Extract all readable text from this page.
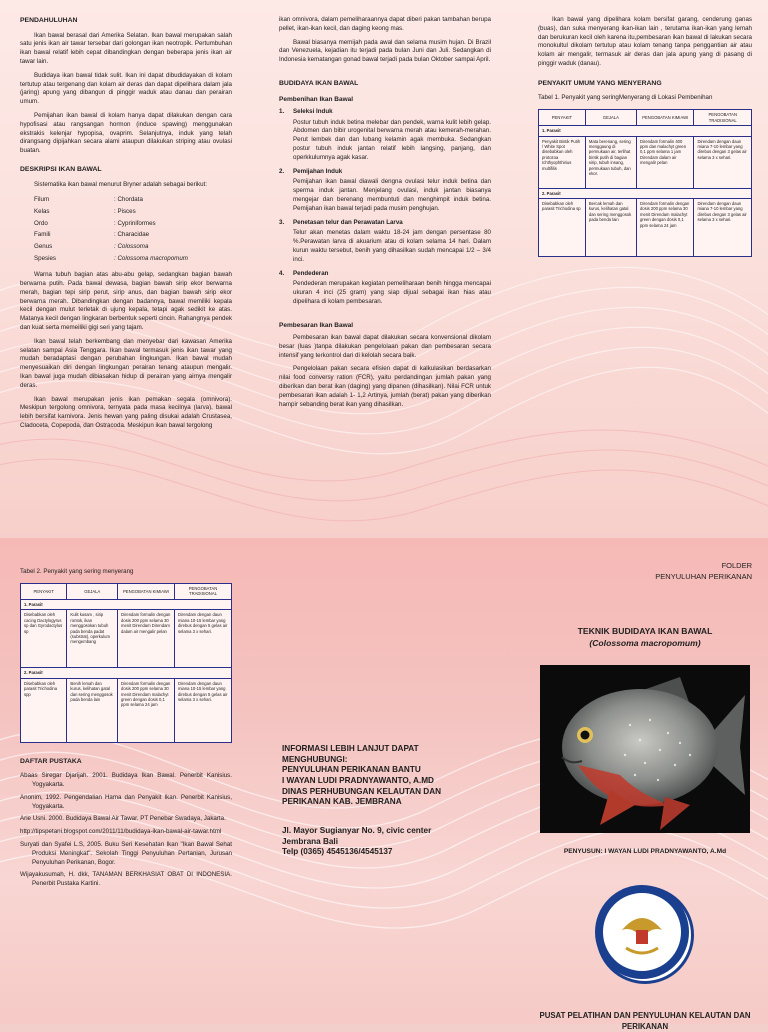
PENDAHULUHAN

Ikan bawal berasal dari Amerika Selatan. Ikan bawal merupakan salah satu jenis ikan air tawar tersebar dari golongan ikan neotropik. Pertumbuhan ikan bawal relatif lebih cepat dibandingkan dengan beberapa jenis ikan air tawar lain.

Budidaya ikan bawal tidak sulit. Ikan ini dapat dibudidayakan di kolam tertutup atau tergenang dan kolam air deras dan dapat dipelihara dalam jala (jaring) apung yang dibangun di pinggir waduk atau danau dan perairan umum.

Pemijahan ikan bawal di kolam hanya dapat dilakukan dengan cara hypofisasi atau rangsangan hormon (induce spawing) menggunakan ekstrakis kelenjar hypopisa, ovaprim. Selanjutnya, induk yang telah dirangsang dipijahkan secara alami ataupun dilakukan striping atau ovulasi buatan.

DESKRIPSI IKAN BAWAL

Sistematika ikan bawal menurut Bryner adalah sebagai berikut:

Filum	: Chordata
Kelas	: Pisces
Ordo	: Cypriniformes
Famili	: Characidae
Genus	: Colossoma
Spesies	: Colossoma macropomum

Warna tubuh bagian atas abu-abu gelap, sedangkan bagian bawah berwarna putih. Pada bawal dewasa, bagian bawah sirip ekor berwarna merah, bagian tepi sirip perut, sirip anus, dan bagian bawah sirip ekor berwarna merah. Dibandingkan dengan badannya, bawal memiliki kepala kecil dengan mulut terletak di ujung kepala, tetapi agak sedikit ke atas. Matanya kecil dengan lingkaran berbentuk seperti cincin. Rahangnya pendek dan kuat serta memeiliki gigi seri yang tajam.

Ikan bawal telah berkembang dan menyebar dari kawasan Amerika selatan sampai Asia Tenggara. Ikan bawal termasuk jenis ikan tawar yang mudah beradaptasi dengan perubahan lingkungan. Ikan bawal mudah menyesuaikan diri dengan lingkungan perairan tenang ataupun mengalir. Ikan bawal juga mudah dibiasakan hidup di perairan yang airnya mengalir deras.

Ikan bawal merupakan jenis ikan pemakan segala (omnivora). Meskipun tergolong omnivora, ternyata pada masa kecilnya (larva), bawal lebih bersifat karnivora. Jenis hewan yang paling disukai adalah Crustasea, Cladoceta, Copepoda, dan Ostracoda. Meskipun ikan bawal tergolong

ikan omnivora, dalam pemeliharaannya dapat diberi pakan tambahan berupa pellet, ikan-ikan kecil, dan daging keong mas.

Bawal biasanya memijah pada awal dan selama musim hujan. Di Brazil dan Venezuela, kejadian itu terjadi pada bulan Juni dan Juli. Sedangkan di Indonesia kematangan gonad bawal terjadi pada bulan Oktober sampai April.

BUDIDAYA IKAN BAWAL
Pembenihan Ikan Bawal
1. Seleksi Induk
Postur tubuh induk betina melebar dan pendek, warna kulit lebih gelap. Abdomen dan bibir urogenital berwarna merah atau kemerah-merahan. Perut lembek dan dan lubang kelamin agak membuka. Sedangkan postur tubuh induk jantan relatif lebih langsing, panjang, dan operkkulumnya agak kasar.
2. Pemijahan Induk
Pemijahan ikan bawal diawali dengna ovulasi telur induk betina dan sperma induk jantan. Menjelang ovulasi, induk jantan biasanya mengejar dan berenang membuntuti dan menghimpit induk betina. Pemijahan ikan bawal terjadi pada musim penghujan.
3. Penetasan telur dan Perawatan Larva
Telur akan menetas dalam waktu 18-24 jam dengan persentase 80 %.Perawatan larva di akuarium atau di kolam selama 14 hari. Dalam kurun waktu tersebut, benih yang dihasilkan sudah mencapai 1/2 – 3/4 inci.
4. Pendederan
Pendederan merupakan kegiatan pemeliharaan benih hingga mencapai ukuran 4 inci (25 gram) yang siap dijual sebagai ikan hias atau dipelihara di kolam pembesaran.
Pembesaran Ikan Bawal

Pembesaran ikan bawal dapat dilakukan secara konvensional dikolam besar (luas )tanpa dilakukan pengelolaan pakan dan pembesaran secara intensif yang terkontrol dari di kelolah secara baik.

Pengelolaan pakan secara efisien dapat di kalkulasikan berdasarkan nilai food conversy ration (FCR), yaitu perdandingan jumlah pakan yang diberikan dan berat ikan (daging) yang dipanen (dihasilkan). Nilai FCR untuk pembesaran ikan adalah 1- 1,2 Artinya, jumlah (berat) pakan yang diberikan hampir sebanding berat ikan yang dihasilkan.

Ikan bawal yang dipelihara kolam bersifat garang, cenderung ganas (buas), dan suka menyerang ikan-ikan lain , terutama ikan-ikan yang lemah dan berukuran kecil oleh karena itu,pembesaran ikan bawal di lakukan secara monokultul dikolam tertutup atau kolam tenang tanpa penggantian air atau kolam air mengalir, termasuk air deras dan jala apung yang di pasang di pinggir waduk (danau).

PENYAKIT UMUM YANG MENYERANG
Tabel 1. Penyakit yang seringMenyerang di Lokasi Pembenihan
PENYAKIT	GEJALA	PENGOBATAN KIMIAWI	PENGOBATAN TRADISIONAL
1. Parasit			
Penyakit Bintik Putih / White Spot disebabkan oleh protozoa Ichthyophthirius multifilis	Mata berenang, sering menggaung di permukaan air, terlihat bintik putih di bagian sirip, tubuh insang, permukaan tubuh, dan ekor.	Direndam formalin 400 ppm dan malachyt green 0,1 ppm selama 1 jam Direndam dalam air mengalir pelan	Direndam dengan daun miana 7-10 lembar yang direbus dengan 3 gelas air selama 3 x sehari.
2. Parasit			
Disebabkan oleh parasit Trichodina sp	Bercak lemah dan kurus, kelihatan gatal dan sering menggosok pada benda lain	Direndam formalin dengan dosis 200 ppm selama 30 menit Direndam malachyt green dengan dosis 0,1 ppm selama 24 jam	Direndam dengan daun miana 7-10 lembar yang direbus dengan 3 gelas air selama 3 x sehari.
Tabel 2. Penyakit yang sering menyerang
PENYAKIT	GEJALA	PENGOBATAN KIMIAWI	PENGOBATAN TRADISIONAL
1. Parasit			
Disebabkan oleh cacing Dactylogyrus sp dan Gyrodactylus sp	Kulit kusam , sirip rontok, ikan menggosokan tubuh pada benda padat (substrat), operkulum mengembang	Direndam formalin dengan dosis 200 ppm selama 30 menit Direndam Direndam dalam air mengalir pelan	Direndam dengan daun miana 10-15 lembar yang direbus dengan 5 gelas air selama 3 x sehari.
2. Parasit			
Disebabkan oleh parasit Trichodina spp	Benih lemah dan kurus, kelihatan gatal dan sering menggosok pada benda lain	Direndam formalin dengan dosis 200 ppm selama 30 menit Direndam malachyt green dengan dosis 0,1 ppm selama 24 jam	Direndam dengan daun miana 10-15 lembar yang direbus dengan 5 gelas air selama 3 x sehari.
DAFTAR PUSTAKA

Abaas Siregar Djarijah. 2001. Budidaya Ikan Bawal. Penerbit Kanisius. Yogyakarta.

Anonim, 1992. Pengendalian Hama dan Penyakit Ikan. Penerbit Kanisius, Yogyakarta.

Arie Usni. 2000. Budidaya Bawal Air Tawar. PT Penebar Swadaya, Jakarta.

http://tipspetani.blogspot.com/2011/11/budidaya-ikan-bawal-air-tawar.html

Suryati dan Syafei L.S, 2005. Buku Seri Kesehatan Ikan "Ikan Bawal Sehat Produksi Meningkat". Sekolah Tinggi Penyuluhan Pertanian, Jurusan Penyuluhan Perikanan, Bogor.

Wijayakusumah, H. dkk, TANAMAN BERKHASIAT OBAT DI INDONESIA. Penerbit Pustaka Kartini.

INFORMASI LEBIH LANJUT DAPAT
MENGHUBUNGI:
PENYULUHAN PERIKANAN BANTU
I WAYAN LUDI PRADNYAWANTO, A.MD
DINAS PERHUBUNGAN KELAUTAN DAN
PERIKANAN KAB. JEMBRANA
Jl. Mayor Sugianyar No. 9, civic center
Jembrana Bali
Telp (0365) 4545136/4545137
FOLDER
PENYULUHAN PERIKANAN
TEKNIK BUDIDAYA IKAN BAWAL
(Colossoma macropomum)
PENYUSUN: I WAYAN LUDI PRADNYAWANTO, A.Md
PUSAT PELATIHAN DAN PENYULUHAN KELAUTAN DAN PERIKANAN
